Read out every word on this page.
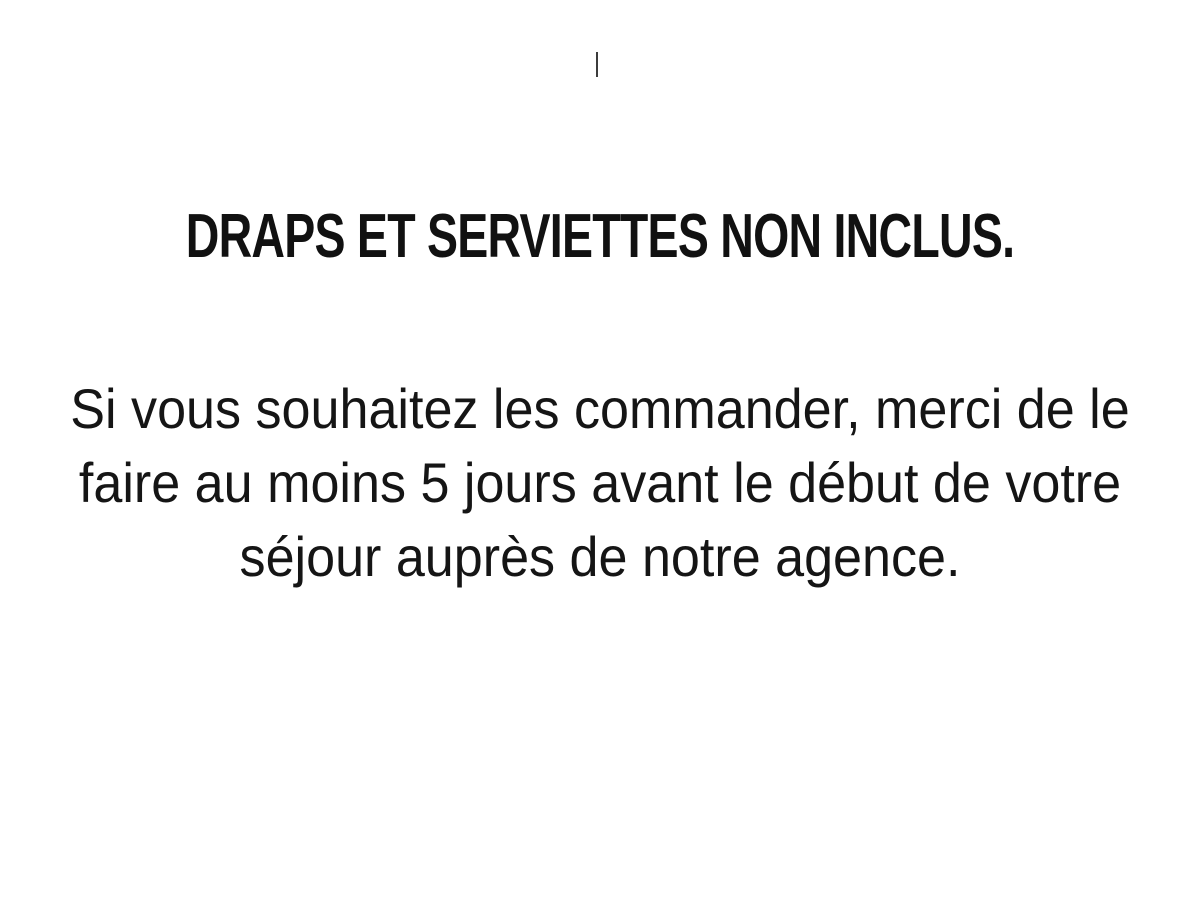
DRAPS ET SERVIETTES NON INCLUS.
Si vous souhaitez les commander, merci de le
faire au moins 5 jours avant le début de votre
séjour auprès de notre agence.
